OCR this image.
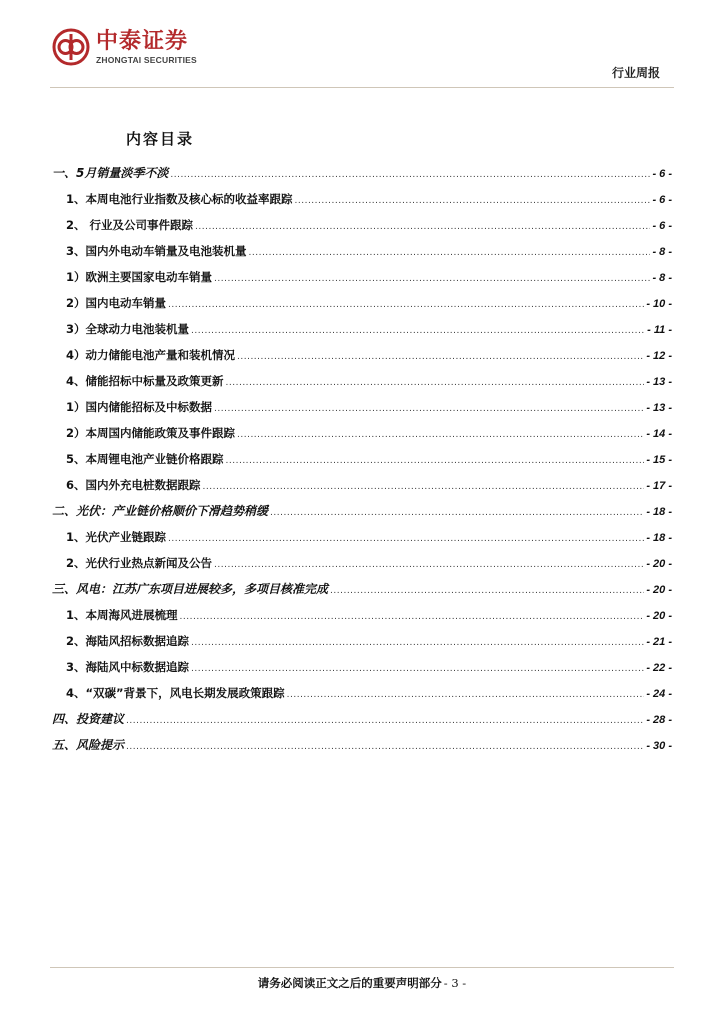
中泰证券
ZHONGTAI SECURITIES
行业周报
内容目录
一、5月销量淡季不淡 .....	- 6 -
1、本周电池行业指数及核心标的收益率跟踪 .....	- 6 -
2、 行业及公司事件跟踪 .....	- 6 -
3、国内外电动车销量及电池装机量 .....	- 8 -
1）欧洲主要国家电动车销量 .....	- 8 -
2）国内电动车销量 .....	- 10 -
3）全球动力电池装机量 .....	- 11 -
4）动力储能电池产量和装机情况 .....	- 12 -
4、储能招标中标量及政策更新 .....	- 13 -
1）国内储能招标及中标数据 .....	- 13 -
2）本周国内储能政策及事件跟踪 .....	- 14 -
5、本周锂电池产业链价格跟踪 .....	- 15 -
6、国内外充电桩数据跟踪 .....	- 17 -
二、光伏：产业链价格顺价下滑趋势稍缓 .....	- 18 -
1、光伏产业链跟踪 .....	- 18 -
2、光伏行业热点新闻及公告 .....	- 20 -
三、风电：江苏广东项目进展较多，多项目核准完成 .....	- 20 -
1、本周海风进展梳理 .....	- 20 -
2、海陆风招标数据追踪 .....	- 21 -
3、海陆风中标数据追踪 .....	- 22 -
4、“双碳”背景下，风电长期发展政策跟踪 .....	- 24 -
四、投资建议 .....	- 28 -
五、风险提示 .....	- 30 -
请务必阅读正文之后的重要声明部分 - 3 -
